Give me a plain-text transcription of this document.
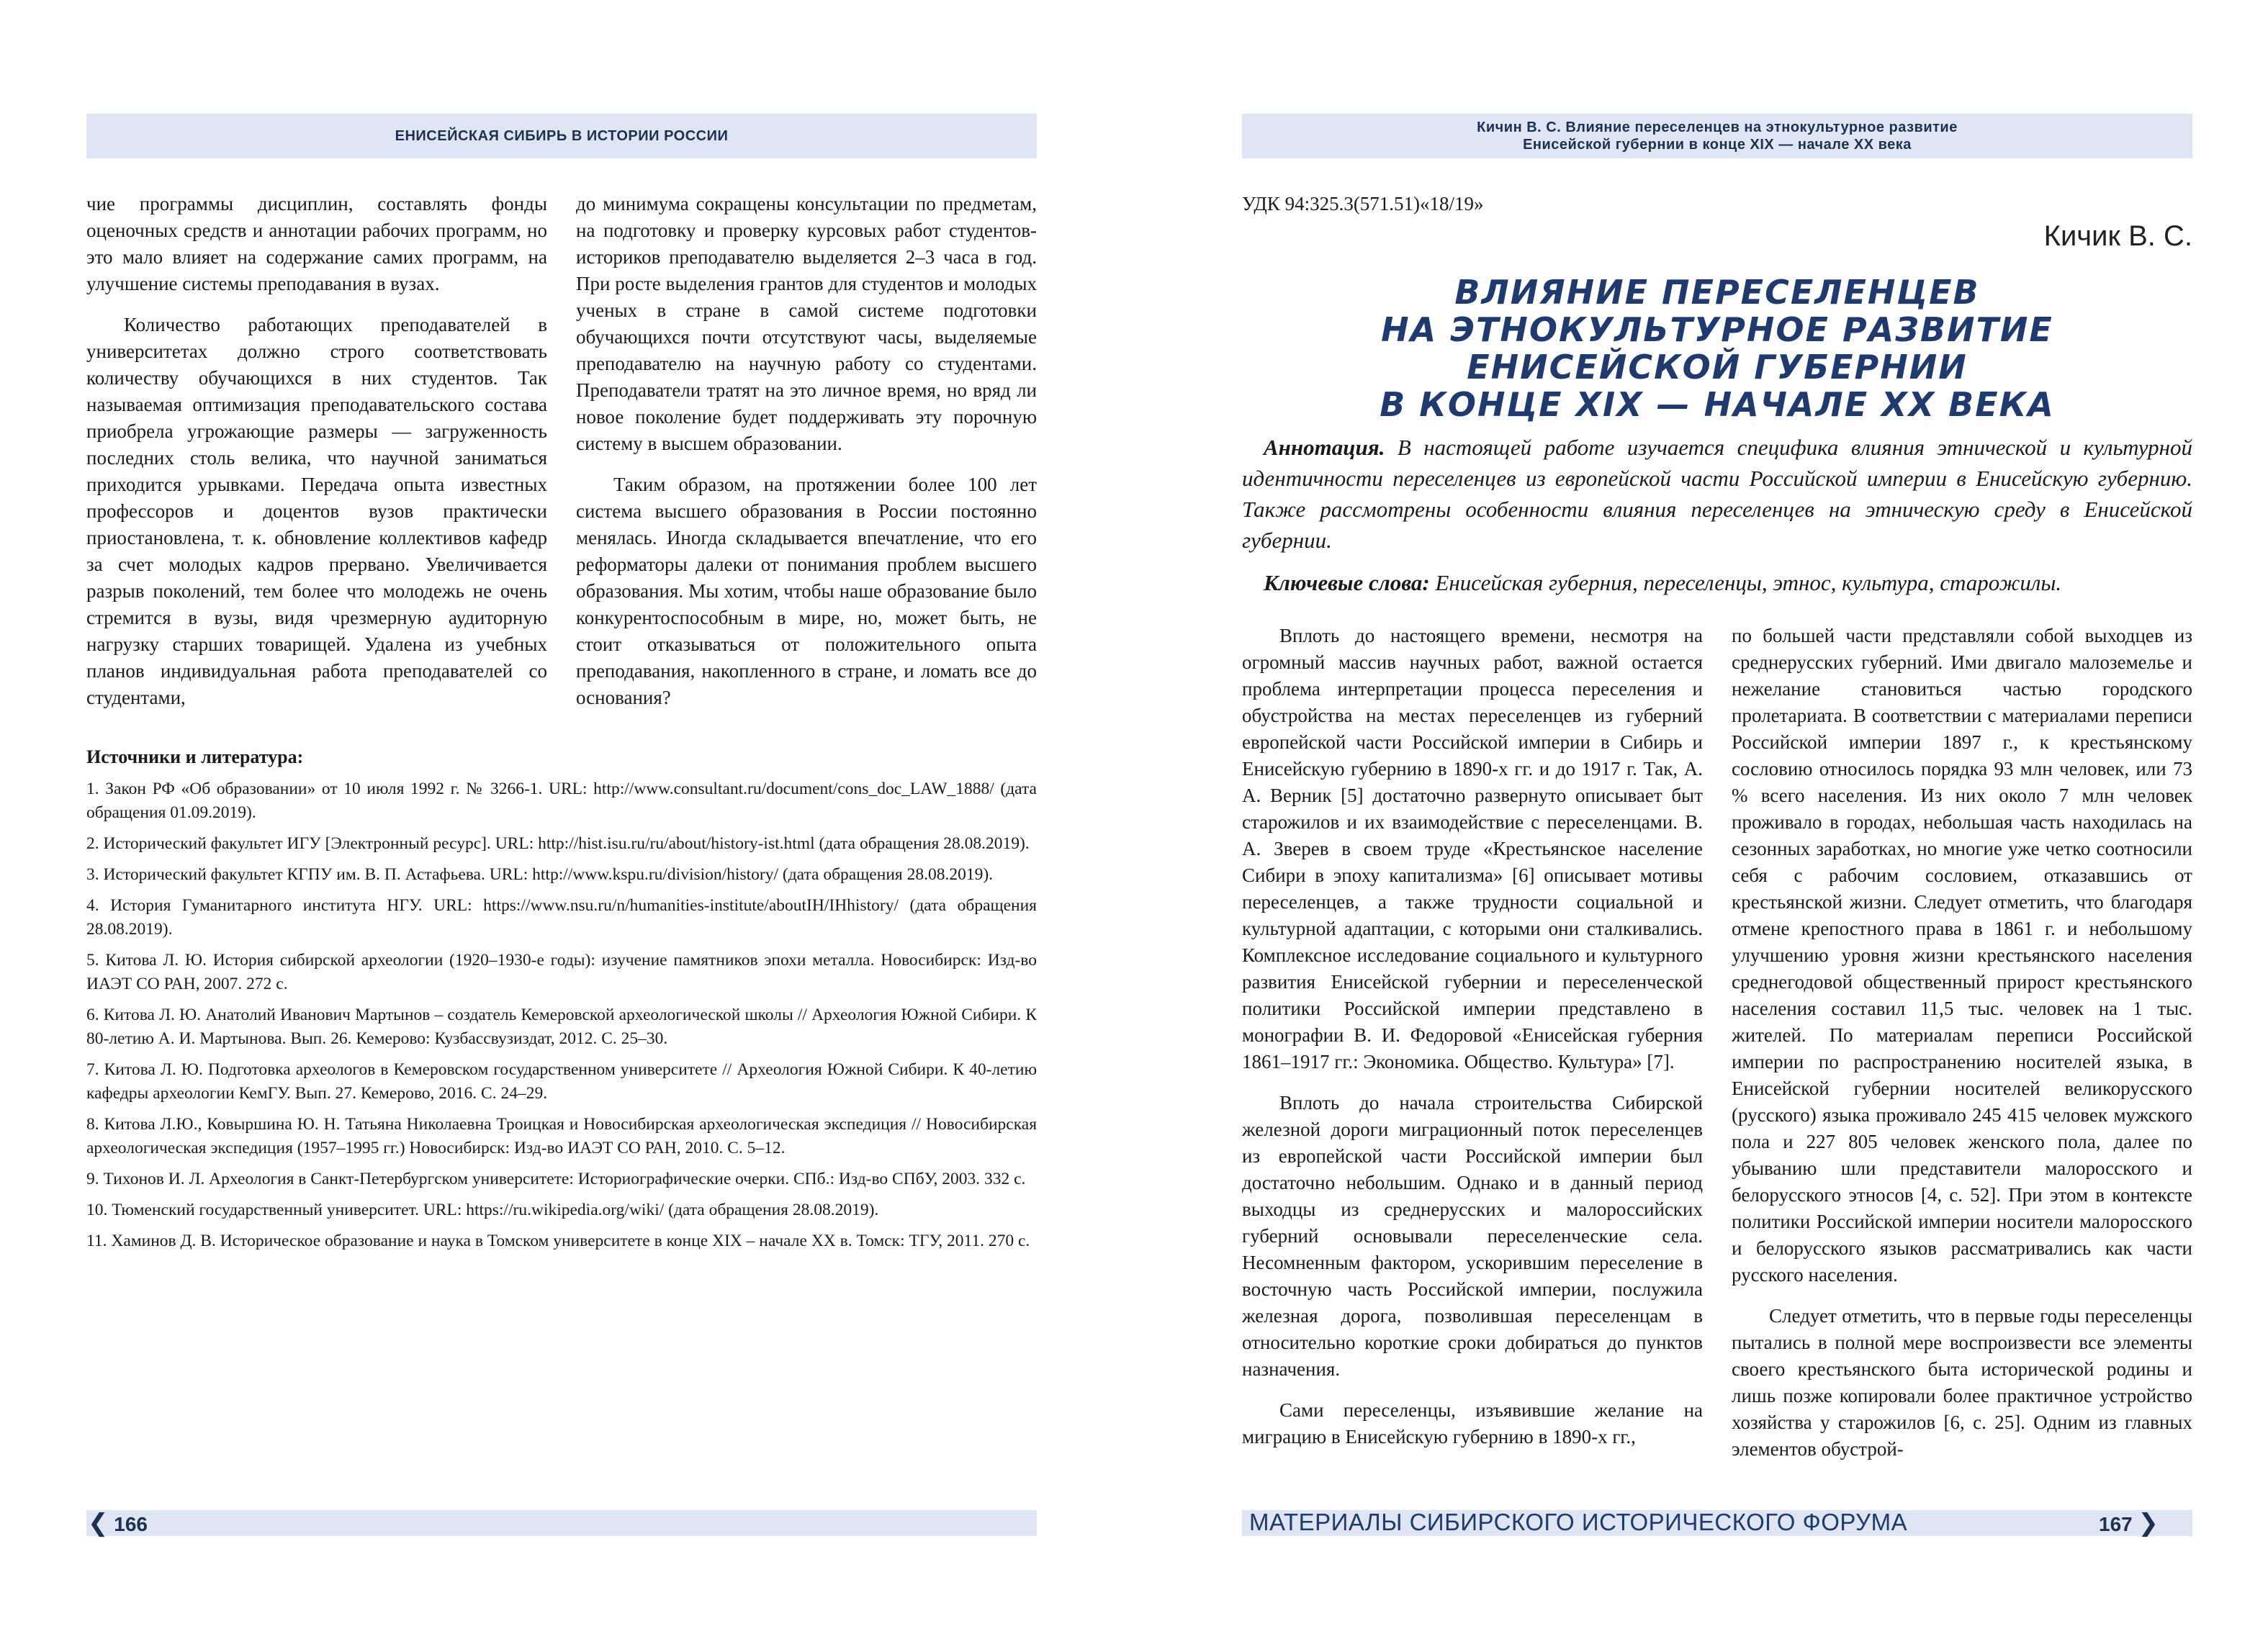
ЕНИСЕЙСКАЯ СИБИРЬ В ИСТОРИИ РОССИИ

чие программы дисциплин, составлять фонды оценочных средств и аннотации рабочих программ, но это мало влияет на содержание самих программ, на улучшение системы преподавания в вузах.

Количество работающих преподавателей в университетах должно строго соответствовать количеству обучающихся в них студентов. Так называемая оптимизация преподавательского состава приобрела угрожающие размеры — загруженность последних столь велика, что научной заниматься приходится урывками. Передача опыта известных профессоров и доцентов вузов практически приостановлена, т. к. обновление коллективов кафедр за счет молодых кадров прервано. Увеличивается разрыв поколений, тем более что молодежь не очень стремится в вузы, видя чрезмерную аудиторную нагрузку старших товарищей. Удалена из учебных планов индивидуальная работа преподавателей со студентами,

до минимума сокращены консультации по предметам, на подготовку и проверку курсовых работ студентов-историков преподавателю выделяется 2–3 часа в год. При росте выделения грантов для студентов и молодых ученых в стране в самой системе подготовки обучающихся почти отсутствуют часы, выделяемые преподавателю на научную работу со студентами. Преподаватели тратят на это личное время, но вряд ли новое поколение будет поддерживать эту порочную систему в высшем образовании.

Таким образом, на протяжении более 100 лет система высшего образования в России постоянно менялась. Иногда складывается впечатление, что его реформаторы далеки от понимания проблем высшего образования. Мы хотим, чтобы наше образование было конкурентоспособным в мире, но, может быть, не стоит отказываться от положительного опыта преподавания, накопленного в стране, и ломать все до основания?

Источники и литература:
1. Закон РФ «Об образовании» от 10 июля 1992 г. № 3266-1. URL: http://www.consultant.ru/document/cons_doc_LAW_1888/ (дата обращения 01.09.2019).
2. Исторический факультет ИГУ [Электронный ресурс]. URL: http://hist.isu.ru/ru/about/history-ist.html (дата обращения 28.08.2019).
3. Исторический факультет КГПУ им. В. П. Астафьева. URL: http://www.kspu.ru/division/history/ (дата обращения 28.08.2019).
4. История Гуманитарного института НГУ. URL: https://www.nsu.ru/n/humanities-institute/aboutIH/IHhistory/ (дата обращения 28.08.2019).
5. Китова Л. Ю. История сибирской археологии (1920–1930-е годы): изучение памятников эпохи металла. Новосибирск: Изд-во ИАЭТ СО РАН, 2007. 272 с.
6. Китова Л. Ю. Анатолий Иванович Мартынов – создатель Кемеровской археологической школы // Археология Южной Сибири. К 80-летию А. И. Мартынова. Вып. 26. Кемерово: Кузбассвузиздат, 2012. С. 25–30.
7. Китова Л. Ю. Подготовка археологов в Кемеровском государственном университете // Археология Южной Сибири. К 40-летию кафедры археологии КемГУ. Вып. 27. Кемерово, 2016. С. 24–29.
8. Китова Л.Ю., Ковыршина Ю. Н. Татьяна Николаевна Троицкая и Новосибирская археологическая экспедиция // Новосибирская археологическая экспедиция (1957–1995 гг.) Новосибирск: Изд-во ИАЭТ СО РАН, 2010. С. 5–12.
9. Тихонов И. Л. Археология в Санкт-Петербургском университете: Историографические очерки. СПб.: Изд-во СПбУ, 2003. 332 с.
10. Тюменский государственный университет. URL: https://ru.wikipedia.org/wiki/ (дата обращения 28.08.2019).
11. Хаминов Д. В. Историческое образование и наука в Томском университете в конце XIX – начале XX в. Томск: ТГУ, 2011. 270 с.
❮ 166
Кичин В. С. Влияние переселенцев на этнокультурное развитие
Енисейской губернии в конце XIX — начале XX века
УДК 94:325.3(571.51)«18/19»
Кичик В. С.
ВЛИЯНИЕ ПЕРЕСЕЛЕНЦЕВ
НА ЭТНОКУЛЬТУРНОЕ РАЗВИТИЕ
ЕНИСЕЙСКОЙ ГУБЕРНИИ
В КОНЦЕ XIX — НАЧАЛЕ XX ВЕКА

Аннотация. В настоящей работе изучается специфика влияния этнической и культурной идентичности переселенцев из европейской части Российской империи в Енисейскую губернию. Также рассмотрены особенности влияния переселенцев на этническую среду в Енисейской губернии.

Ключевые слова: Енисейская губерния, переселенцы, этнос, культура, старожилы.

Вплоть до настоящего времени, несмотря на огромный массив научных работ, важной остается проблема интерпретации процесса переселения и обустройства на местах переселенцев из губерний европейской части Российской империи в Сибирь и Енисейскую губернию в 1890-х гг. и до 1917 г. Так, А. А. Верник [5] достаточно развернуто описывает быт старожилов и их взаимодействие с переселенцами. В. А. Зверев в своем труде «Крестьянское население Сибири в эпоху капитализма» [6] описывает мотивы переселенцев, а также трудности социальной и культурной адаптации, с которыми они сталкивались. Комплексное исследование социального и культурного развития Енисейской губернии и переселенческой политики Российской империи представлено в монографии В. И. Федоровой «Енисейская губерния 1861–1917 гг.: Экономика. Общество. Культура» [7].

Вплоть до начала строительства Сибирской железной дороги миграционный поток переселенцев из европейской части Российской империи был достаточно небольшим. Однако и в данный период выходцы из среднерусских и малороссийских губерний основывали переселенческие села. Несомненным фактором, ускорившим переселение в восточную часть Российской империи, послужила железная дорога, позволившая переселенцам в относительно короткие сроки добираться до пунктов назначения.

Сами переселенцы, изъявившие желание на миграцию в Енисейскую губернию в 1890-х гг.,

по большей части представляли собой выходцев из среднерусских губерний. Ими двигало малоземелье и нежелание становиться частью городского пролетариата. В соответствии с материалами переписи Российской империи 1897 г., к крестьянскому сословию относилось порядка 93 млн человек, или 73 % всего населения. Из них около 7 млн человек проживало в городах, небольшая часть находилась на сезонных заработках, но многие уже четко соотносили себя с рабочим сословием, отказавшись от крестьянской жизни. Следует отметить, что благодаря отмене крепостного права в 1861 г. и небольшому улучшению уровня жизни крестьянского населения среднегодовой общественный прирост крестьянского населения составил 11,5 тыс. человек на 1 тыс. жителей. По материалам переписи Российской империи по распространению носителей языка, в Енисейской губернии носителей великорусского (русского) языка проживало 245 415 человек мужского пола и 227 805 человек женского пола, далее по убыванию шли представители малоросского и белорусского этносов [4, с. 52]. При этом в контексте политики Российской империи носители малоросского и белорусского языков рассматривались как части русского населения.

Следует отметить, что в первые годы переселенцы пытались в полной мере воспроизвести все элементы своего крестьянского быта исторической родины и лишь позже копировали более практичное устройство хозяйства у старожилов [6, с. 25]. Одним из главных элементов обустрой-

МАТЕРИАЛЫ СИБИРСКОГО ИСТОРИЧЕСКОГО ФОРУМА	167 ❯
